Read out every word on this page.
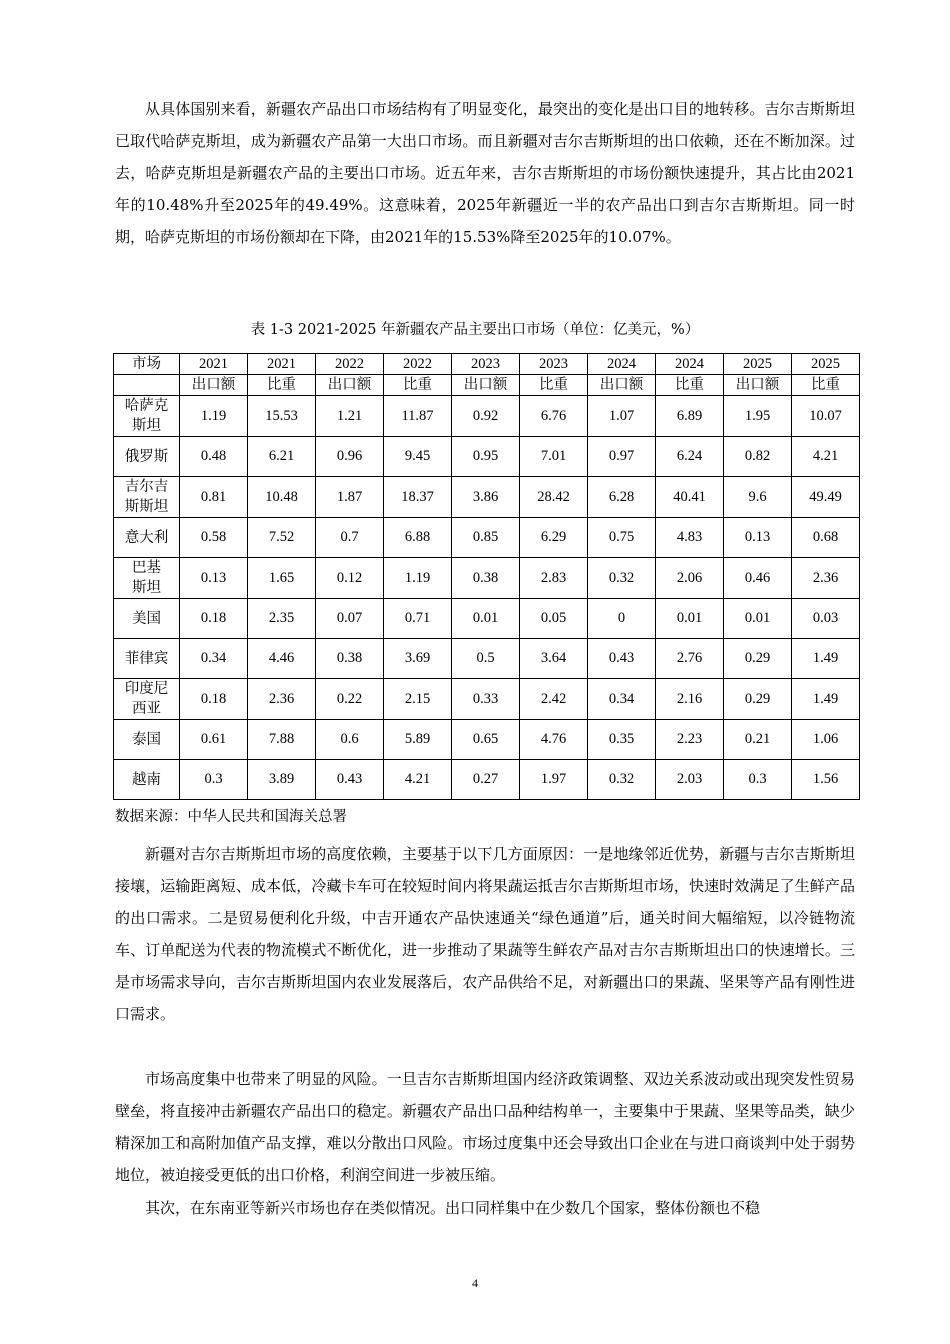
从具体国别来看，新疆农产品出口市场结构有了明显变化，最突出的变化是出口目的地转移。吉尔吉斯斯坦已取代哈萨克斯坦，成为新疆农产品第一大出口市场。而且新疆对吉尔吉斯斯坦的出口依赖，还在不断加深。过去，哈萨克斯坦是新疆农产品的主要出口市场。近五年来，吉尔吉斯斯坦的市场份额快速提升，其占比由2021年的10.48%升至2025年的49.49%。这意味着，2025年新疆近一半的农产品出口到吉尔吉斯斯坦。同一时期，哈萨克斯坦的市场份额却在下降，由2021年的15.53%降至2025年的10.07%。

表 1-3 2021-2025 年新疆农产品主要出口市场（单位：亿美元，%）

市场	2021	2021	2022	2022	2023	2023	2024	2024	2025	2025
	出口额	比重	出口额	比重	出口额	比重	出口额	比重	出口额	比重

哈萨克
斯坦	1.19	15.53	1.21	11.87	0.92	6.76	1.07	6.89	1.95	10.07

俄罗斯	0.48	6.21	0.96	9.45	0.95	7.01	0.97	6.24	0.82	4.21

吉尔吉
斯斯坦	0.81	10.48	1.87	18.37	3.86	28.42	6.28	40.41	9.6	49.49

意大利	0.58	7.52	0.7	6.88	0.85	6.29	0.75	4.83	0.13	0.68

巴基
斯坦	0.13	1.65	0.12	1.19	0.38	2.83	0.32	2.06	0.46	2.36

美国	0.18	2.35	0.07	0.71	0.01	0.05	0	0.01	0.01	0.03

菲律宾	0.34	4.46	0.38	3.69	0.5	3.64	0.43	2.76	0.29	1.49

印度尼
西亚	0.18	2.36	0.22	2.15	0.33	2.42	0.34	2.16	0.29	1.49

泰国	0.61	7.88	0.6	5.89	0.65	4.76	0.35	2.23	0.21	1.06

越南	0.3	3.89	0.43	4.21	0.27	1.97	0.32	2.03	0.3	1.56

数据来源：中华人民共和国海关总署

新疆对吉尔吉斯斯坦市场的高度依赖，主要基于以下几方面原因：一是地缘邻近优势，新疆与吉尔吉斯斯坦接壤，运输距离短、成本低，冷藏卡车可在较短时间内将果蔬运抵吉尔吉斯斯坦市场，快速时效满足了生鲜产品的出口需求。二是贸易便利化升级，中吉开通农产品快速通关“绿色通道”后，通关时间大幅缩短，以冷链物流车、订单配送为代表的物流模式不断优化，进一步推动了果蔬等生鲜农产品对吉尔吉斯斯坦出口的快速增长。三是市场需求导向，吉尔吉斯斯坦国内农业发展落后，农产品供给不足，对新疆出口的果蔬、坚果等产品有刚性进口需求。

市场高度集中也带来了明显的风险。一旦吉尔吉斯斯坦国内经济政策调整、双边关系波动或出现突发性贸易壁垒，将直接冲击新疆农产品出口的稳定。新疆农产品出口品种结构单一，主要集中于果蔬、坚果等品类，缺少精深加工和高附加值产品支撑，难以分散出口风险。市场过度集中还会导致出口企业在与进口商谈判中处于弱势地位，被迫接受更低的出口价格，利润空间进一步被压缩。

其次，在东南亚等新兴市场也存在类似情况。出口同样集中在少数几个国家，整体份额也不稳

4
